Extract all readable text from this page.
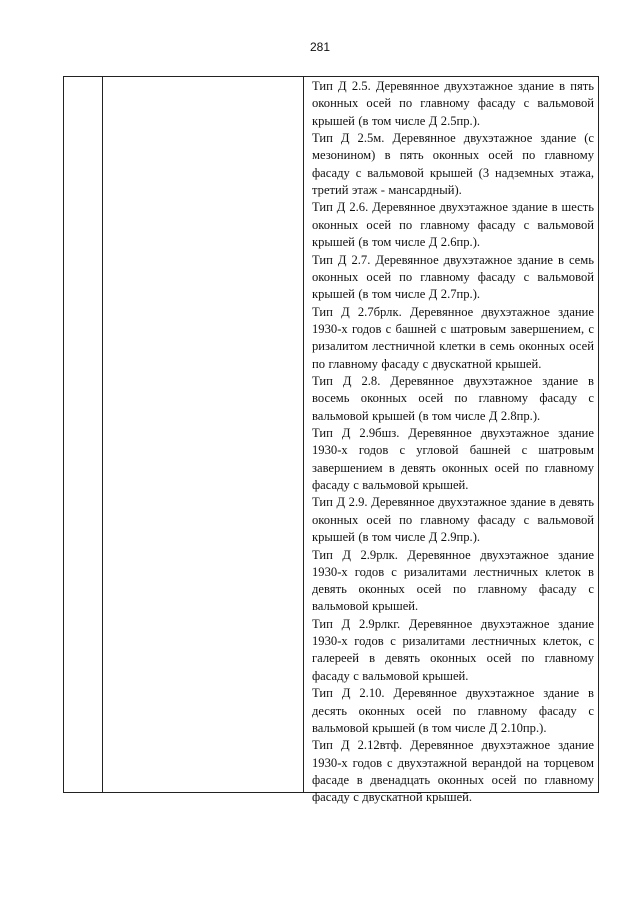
281

Тип Д 2.5. Деревянное двухэтажное здание в пять оконных осей по главному фасаду с вальмовой крышей (в том числе Д 2.5пр.).

Тип Д 2.5м. Деревянное двухэтажное здание (с мезонином) в пять оконных осей по главному фасаду с вальмовой крышей (3 надземных этажа, третий этаж - мансардный).

Тип Д 2.6. Деревянное двухэтажное здание в шесть оконных осей по главному фасаду с вальмовой крышей (в том числе Д 2.6пр.).

Тип Д 2.7. Деревянное двухэтажное здание в семь оконных осей по главному фасаду с вальмовой крышей (в том числе Д 2.7пр.).

Тип Д 2.7брлк. Деревянное двухэтажное здание 1930-х годов с башней с шатровым завершением, с ризалитом лестничной клетки в семь оконных осей по главному фасаду с двускатной крышей.

Тип Д 2.8. Деревянное двухэтажное здание в восемь оконных осей по главному фасаду с вальмовой крышей (в том числе Д 2.8пр.).

Тип Д 2.9бшз. Деревянное двухэтажное здание 1930-х годов с угловой башней с шатровым завершением в девять оконных осей по главному фасаду с вальмовой крышей.

Тип Д 2.9. Деревянное двухэтажное здание в девять оконных осей по главному фасаду с вальмовой крышей (в том числе Д 2.9пр.).

Тип Д 2.9рлк. Деревянное двухэтажное здание 1930-х годов с ризалитами лестничных клеток в девять оконных осей по главному фасаду с вальмовой крышей.

Тип Д 2.9рлкг. Деревянное двухэтажное здание 1930-х годов с ризалитами лестничных клеток, с галереей в девять оконных осей по главному фасаду с вальмовой крышей.

Тип Д 2.10. Деревянное двухэтажное здание в десять оконных осей по главному фасаду с вальмовой крышей (в том числе Д 2.10пр.).

Тип Д 2.12втф. Деревянное двухэтажное здание 1930-х годов с двухэтажной верандой на торцевом фасаде в двенадцать оконных осей по главному фасаду с двускатной крышей.
